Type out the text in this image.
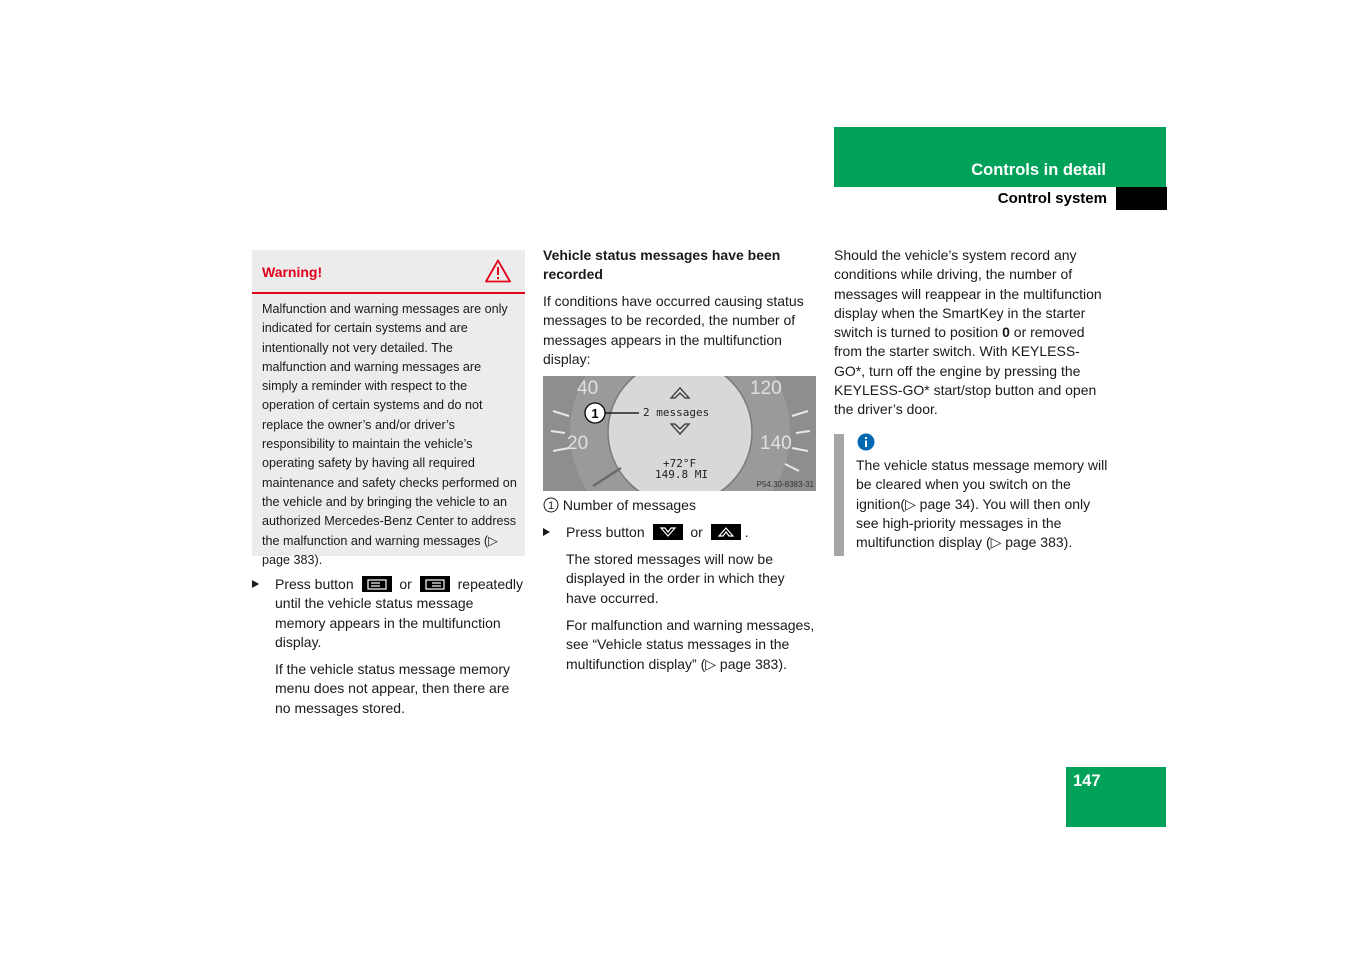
Controls in detail
Control system
Warning!
Malfunction and warning messages are only indicated for certain systems and are intentionally not very detailed. The malfunction and warning messages are simply a reminder with respect to the operation of certain systems and do not replace the owner’s and/or driver’s responsibility to maintain the vehicle’s operating safety by having all required maintenance and safety checks performed on the vehicle and by bringing the vehicle to an authorized Mercedes-Benz Center to address the malfunction and warning messages (▷ page 383).
Press button	or	repeatedly until the vehicle status message memory appears in the multifunction display.
If the vehicle status message memory menu does not appear, then there are no messages stored.
Vehicle status messages have been recorded
If conditions have occurred causing status messages to be recorded, the number of messages appears in the multifunction display:
40
20
120
140
1	2 messages
+72°F
149.8 MI
P54.30-8383-31
1 Number of messages
Press button	or	.
The stored messages will now be displayed in the order in which they have occurred.
For malfunction and warning messages, see “Vehicle status messages in the multifunction display” (▷ page 383).
Should the vehicle’s system record any conditions while driving, the number of messages will reappear in the multifunction display when the SmartKey in the starter switch is turned to position 0 or removed from the starter switch. With KEYLESS-GO*, turn off the engine by pressing the KEYLESS-GO* start/stop button and open the driver’s door.
The vehicle status message memory will be cleared when you switch on the ignition(▷ page 34). You will then only see high-priority messages in the multifunction display (▷ page 383).
147
